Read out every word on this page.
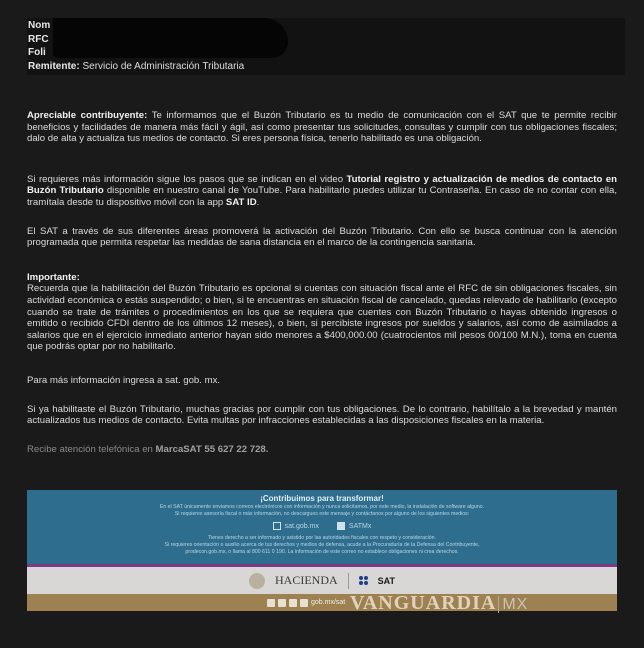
Nom
RFC
Foli
Remitente: Servicio de Administración Tributaria

Apreciable contribuyente: Te informamos que el Buzón Tributario es tu medio de comunicación con el SAT que te permite recibir beneficios y facilidades de manera más fácil y ágil, así como presentar tus solicitudes, consultas y cumplir con tus obligaciones fiscales; dalo de alta y actualiza tus medios de contacto. Si eres persona física, tenerlo habilitado es una obligación.

Si requieres más información sigue los pasos que se indican en el video Tutorial registro y actualización de medios de contacto en Buzón Tributario disponible en nuestro canal de YouTube. Para habilitarlo puedes utilizar tu Contraseña. En caso de no contar con ella, tramítala desde tu dispositivo móvil con la app SAT ID.

El SAT a través de sus diferentes áreas promoverá la activación del Buzón Tributario. Con ello se busca continuar con la atención programada que permita respetar las medidas de sana distancia en el marco de la contingencia sanitaria.

Importante:

Recuerda que la habilitación del Buzón Tributario es opcional si cuentas con situación fiscal ante el RFC de sin obligaciones fiscales, sin actividad económica o estás suspendido; o bien, si te encuentras en situación fiscal de cancelado, quedas relevado de habilitarlo (excepto cuando se trate de trámites o procedimientos en los que se requiera que cuentes con Buzón Tributario o hayas obtenido ingresos o emitido o recibido CFDI dentro de los últimos 12 meses), o bien, si percibiste ingresos por sueldos y salarios, así como de asimilados a salarios que en el ejercicio inmediato anterior hayan sido menores a $400,000.00 (cuatrocientos mil pesos 00/100 M.N.), toma en cuenta que podrás optar por no habilitarlo.

Para más información ingresa a sat. gob. mx.

Si ya habilitaste el Buzón Tributario, muchas gracias por cumplir con tus obligaciones. De lo contrario, habilítalo a la brevedad y mantén actualizados tus medios de contacto. Evita multas por infracciones establecidas a las disposiciones fiscales en la materia.

Recibe atención telefónica en MarcaSAT 55 627 22 728.

¡Contribuimos para transformar!
En el SAT únicamente enviamos correos electrónicos con información y nunca solicitamos, por este medio, la instalación de software alguno.
Si requieres asesoría fiscal o más información, no descargues este mensaje y contáctanos por alguno de los siguientes medios:
sat.gob.mx	SATMx
Tienes derecho a ser informado y asistido por las autoridades fiscales con respeto y consideración.
Si requieres orientación o auxilio acerca de tus derechos y medios de defensa, acude a la Procuraduría de la Defensa del Contribuyente,
prodecon.gob.mx, o llama al 800 611 0 190. La información de este correo no establece obligaciones ni crea derechos.
HACIENDA	SAT
gob.mx/sat VANGUARDIA MX
